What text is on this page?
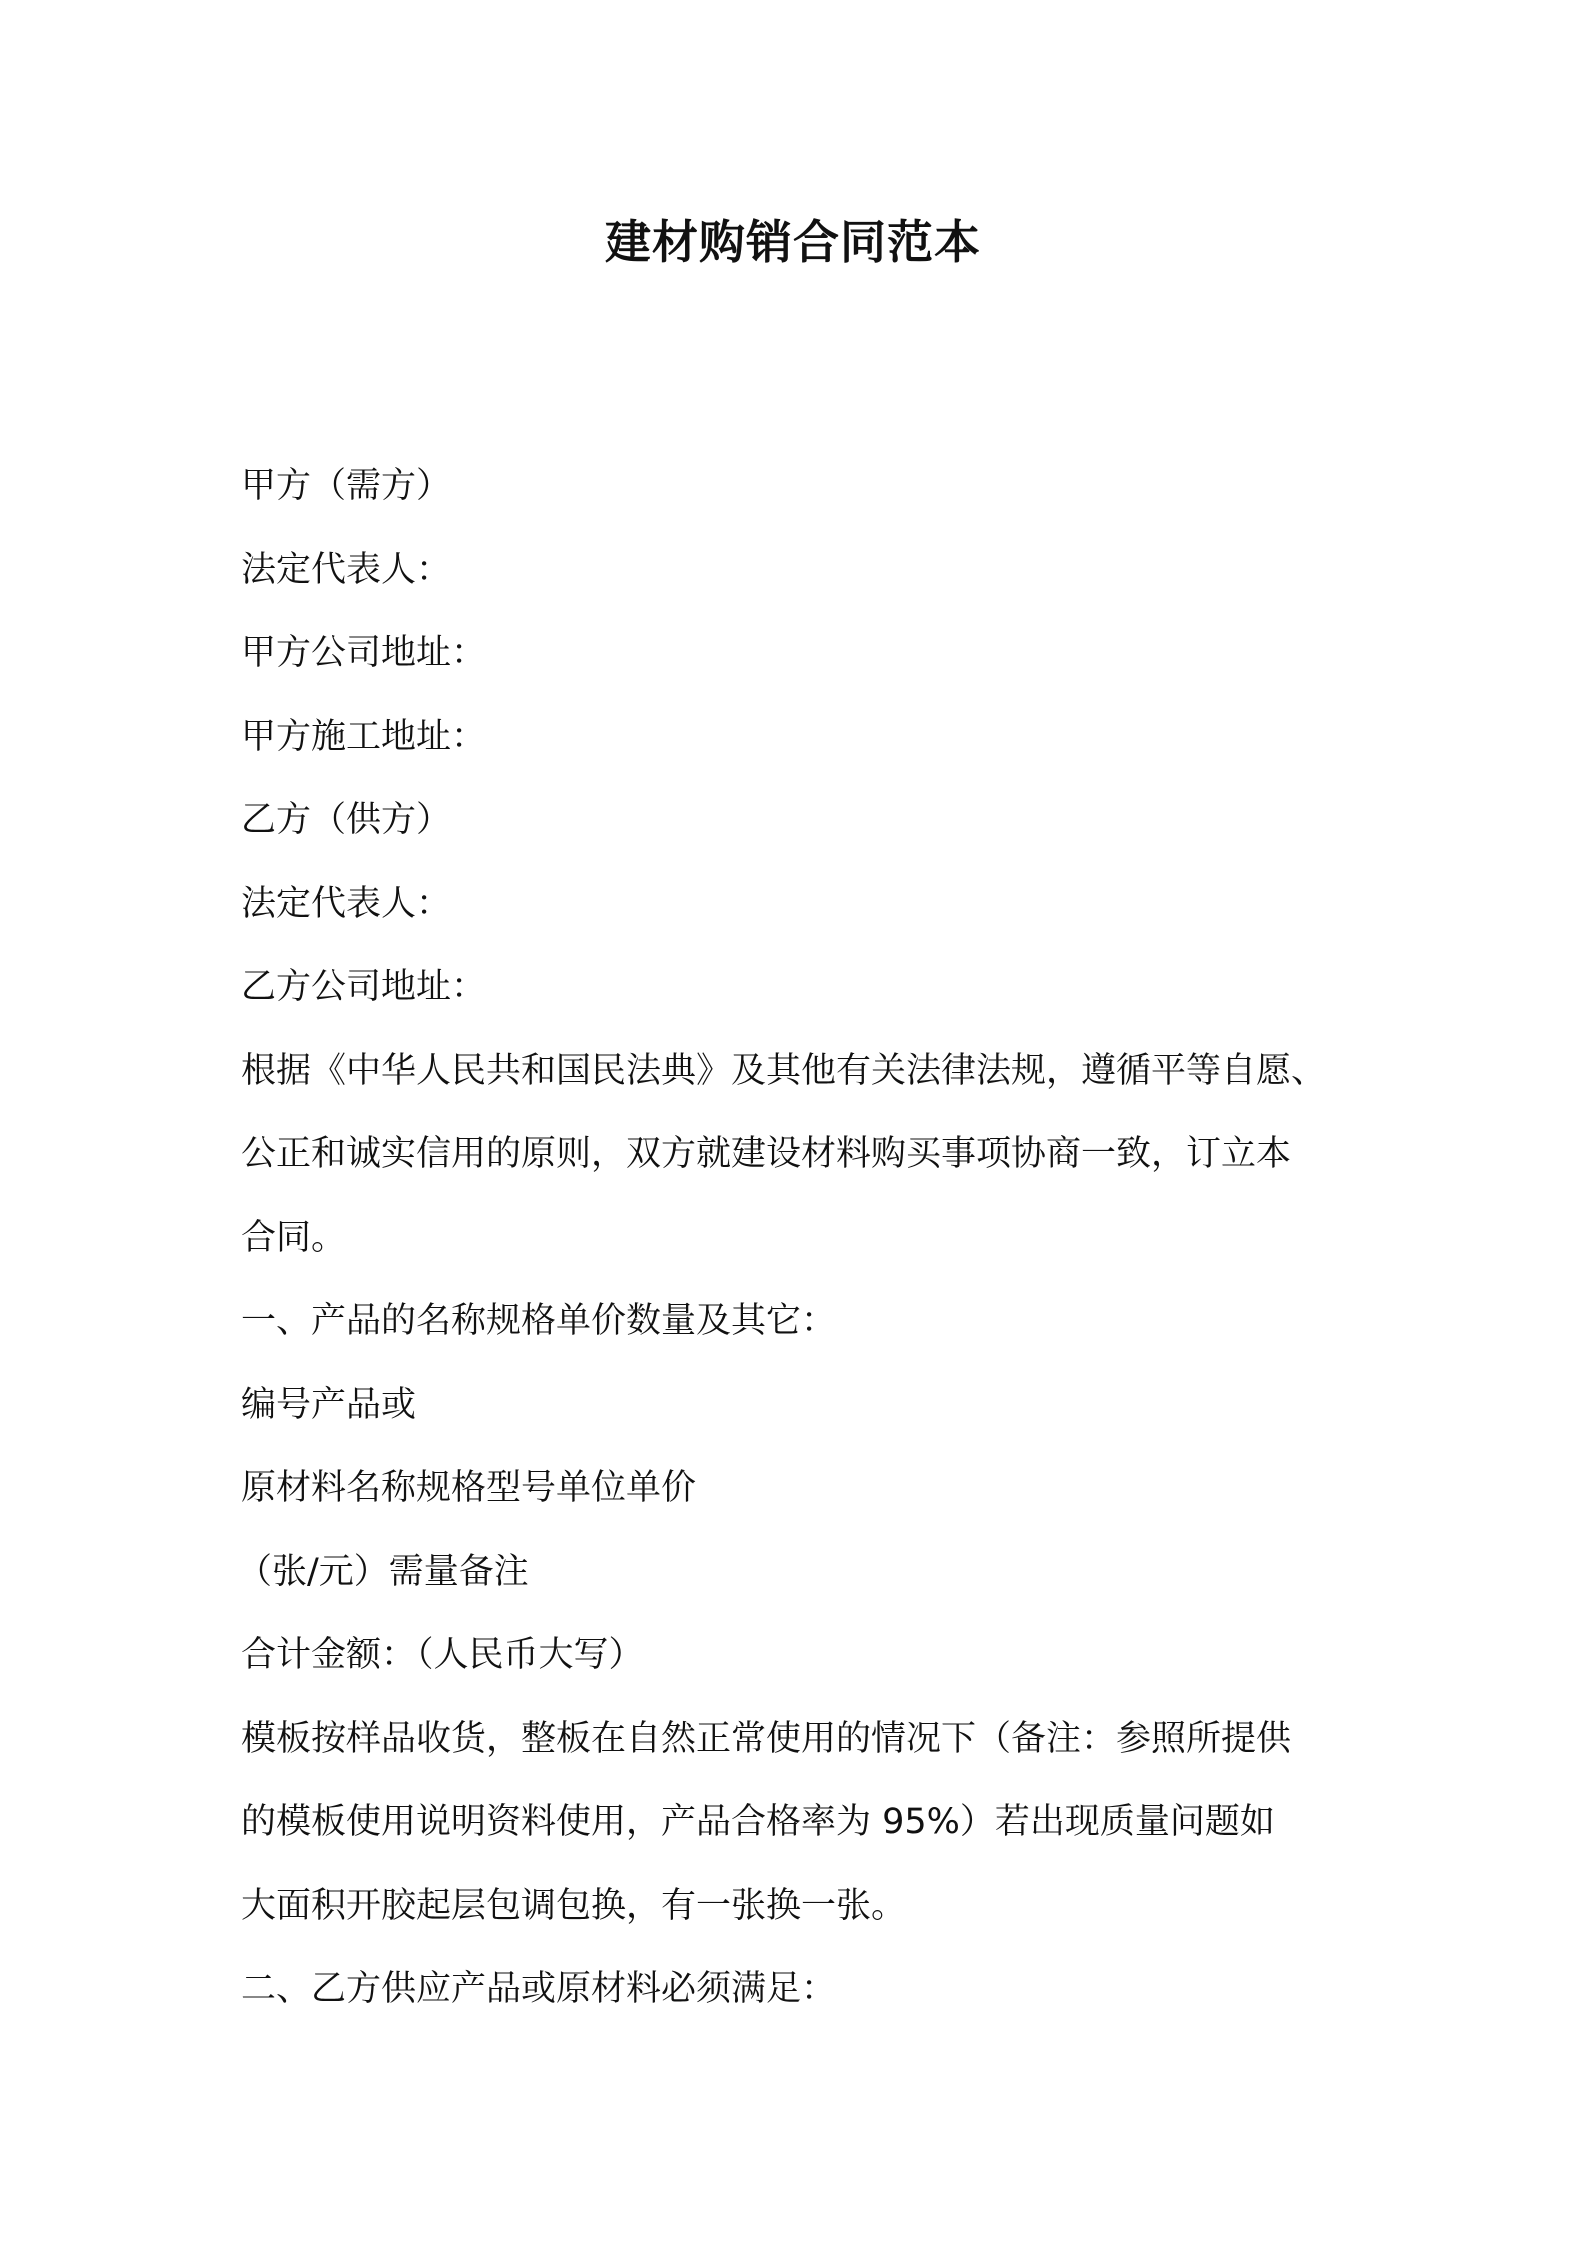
建材购销合同范本

甲方（需方）

法定代表人：

甲方公司地址：

甲方施工地址：

乙方（供方）

法定代表人：

乙方公司地址：

根据《中华人民共和国民法典》及其他有关法律法规，遵循平等自愿、

公正和诚实信用的原则，双方就建设材料购买事项协商一致，订立本

合同。

一、产品的名称规格单价数量及其它：

编号产品或

原材料名称规格型号单位单价

（张/元）需量备注

合计金额：（人民币大写）

模板按样品收货，整板在自然正常使用的情况下（备注：参照所提供

的模板使用说明资料使用，产品合格率为 95%）若出现质量问题如

大面积开胶起层包调包换，有一张换一张。

二、乙方供应产品或原材料必须满足：
